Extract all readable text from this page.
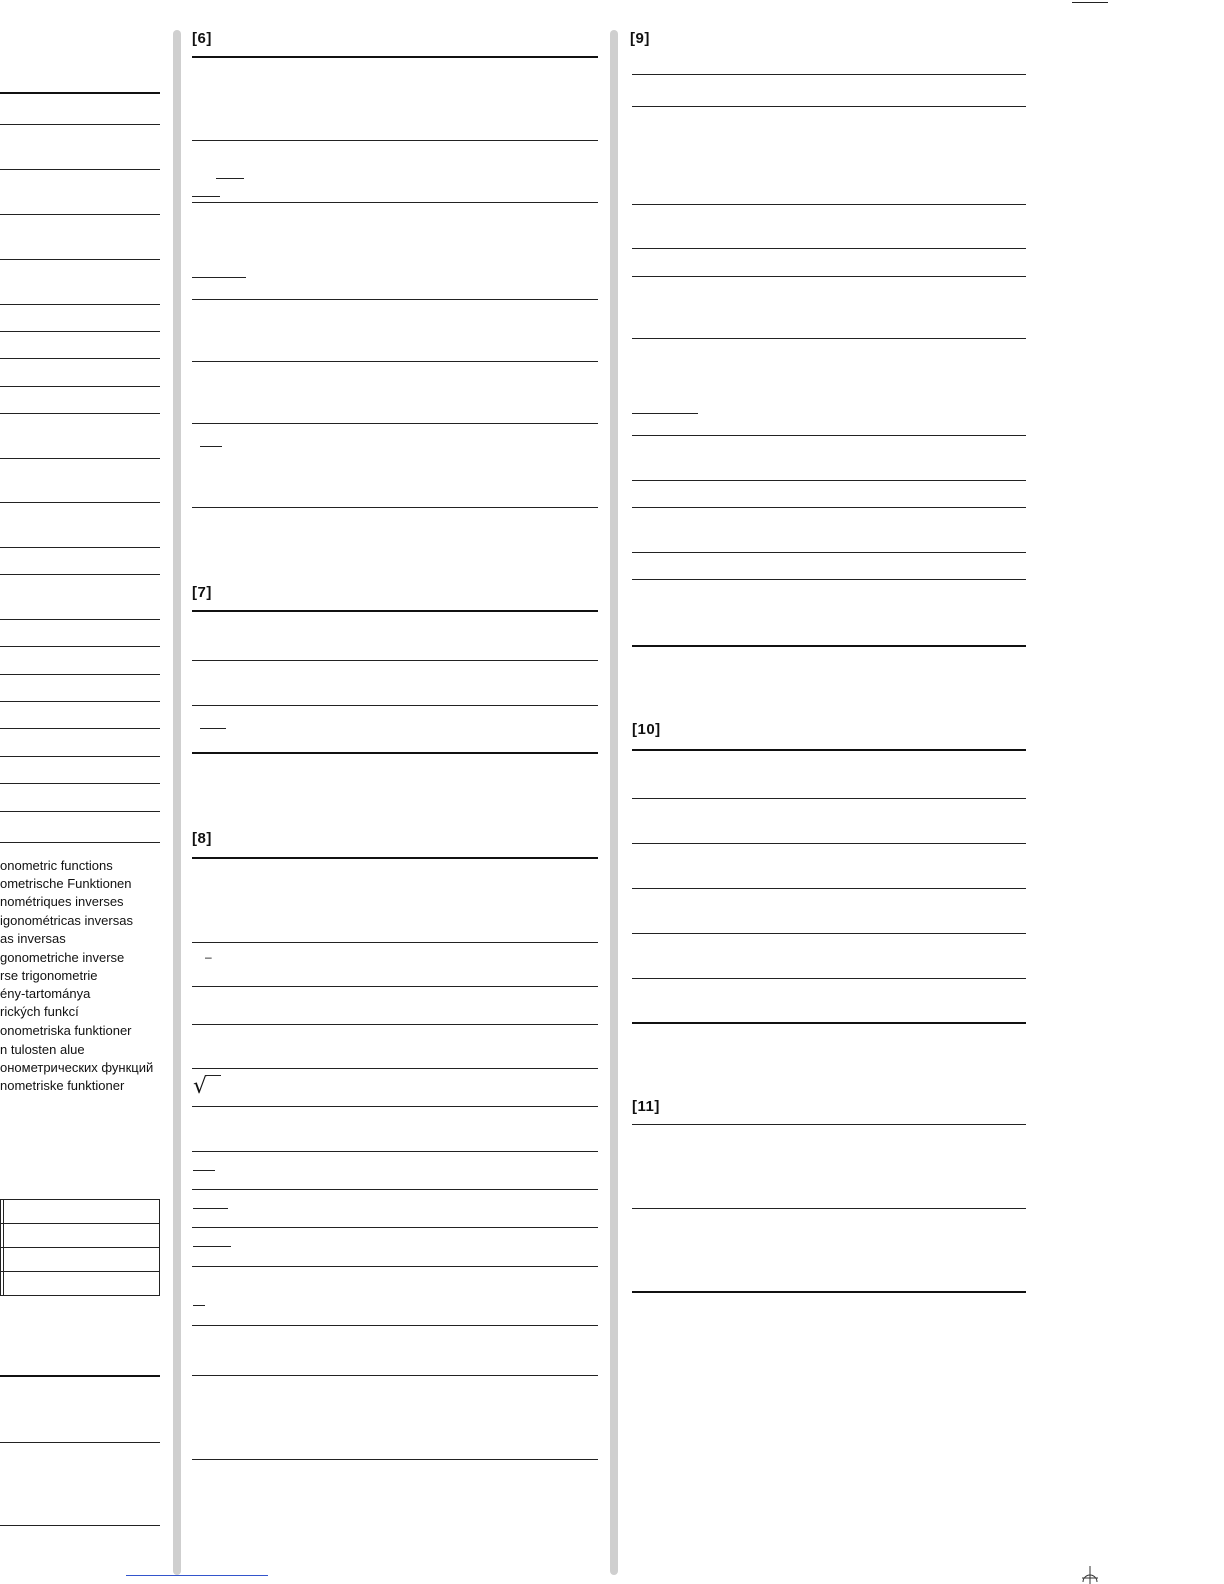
onometric functions
ometrische Funktionen
nométriques inverses
igonométricas inversas
as inversas
gonometriche inverse
rse trigonometrie
ény-tartománya
rických funkcí
onometriska funktioner
n tulosten alue
онометрических функций
nometriske funktioner

[6]
[7]
[8]
–
√
[9]
[10]
[11]
